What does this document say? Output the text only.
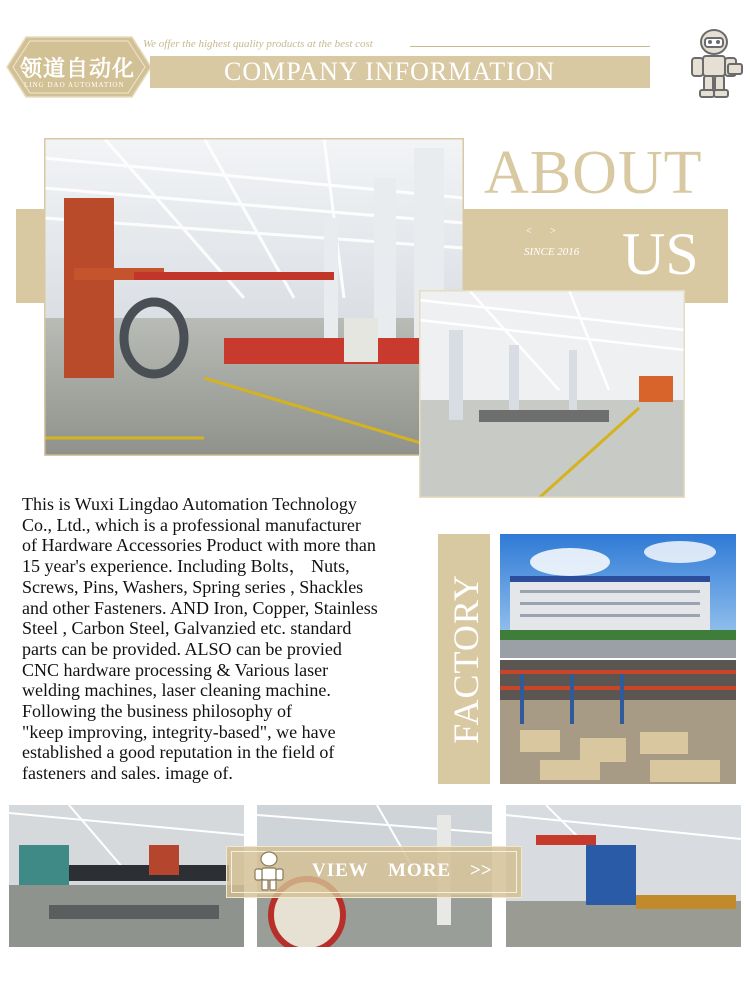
领道自动化
LING DAO AUTOMATION
We offer the highest quality products at the best cost
COMPANY INFORMATION
ABOUT
< >
SINCE 2016 US
This is Wuxi Lingdao Automation Technology
Co., Ltd., which is a professional manufacturer
of Hardware Accessories Product with more than
15 year's experience. Including Bolts， Nuts,
Screws, Pins, Washers, Spring series , Shackles
and other Fasteners. AND Iron, Copper, Stainless
Steel , Carbon Steel, Galvanzied etc. standard
parts can be provided. ALSO can be provied
CNC hardware processing & Various laser
welding machines, laser cleaning machine.
Following the business philosophy of
"keep improving, integrity-based", we have
established a good reputation in the field of
fasteners and sales. image of.
FACTORY
VIEW MORE >>
